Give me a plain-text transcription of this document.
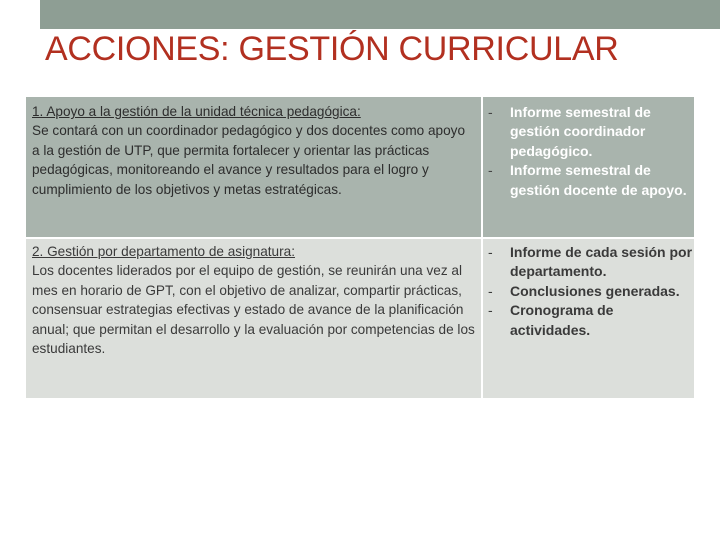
ACCIONES: GESTIÓN CURRICULAR
1. Apoyo a la gestión de la unidad técnica pedagógica:
Se contará con un coordinador pedagógico y dos docentes como apoyo a la gestión de UTP, que permita fortalecer y orientar las prácticas pedagógicas, monitoreando el avance y resultados para el logro y cumplimiento de los objetivos y metas estratégicas.
- Informe semestral de gestión coordinador pedagógico.
- Informe semestral de gestión docente de apoyo.
2. Gestión por departamento de asignatura:
Los docentes liderados por el equipo de gestión, se reunirán una vez al mes en horario de GPT, con el objetivo de analizar, compartir prácticas, consensuar estrategias efectivas y estado de avance de la planificación anual; que permitan el desarrollo y la evaluación por competencias de los estudiantes.
- Informe de cada sesión por departamento.
- Conclusiones generadas.
- Cronograma de actividades.
